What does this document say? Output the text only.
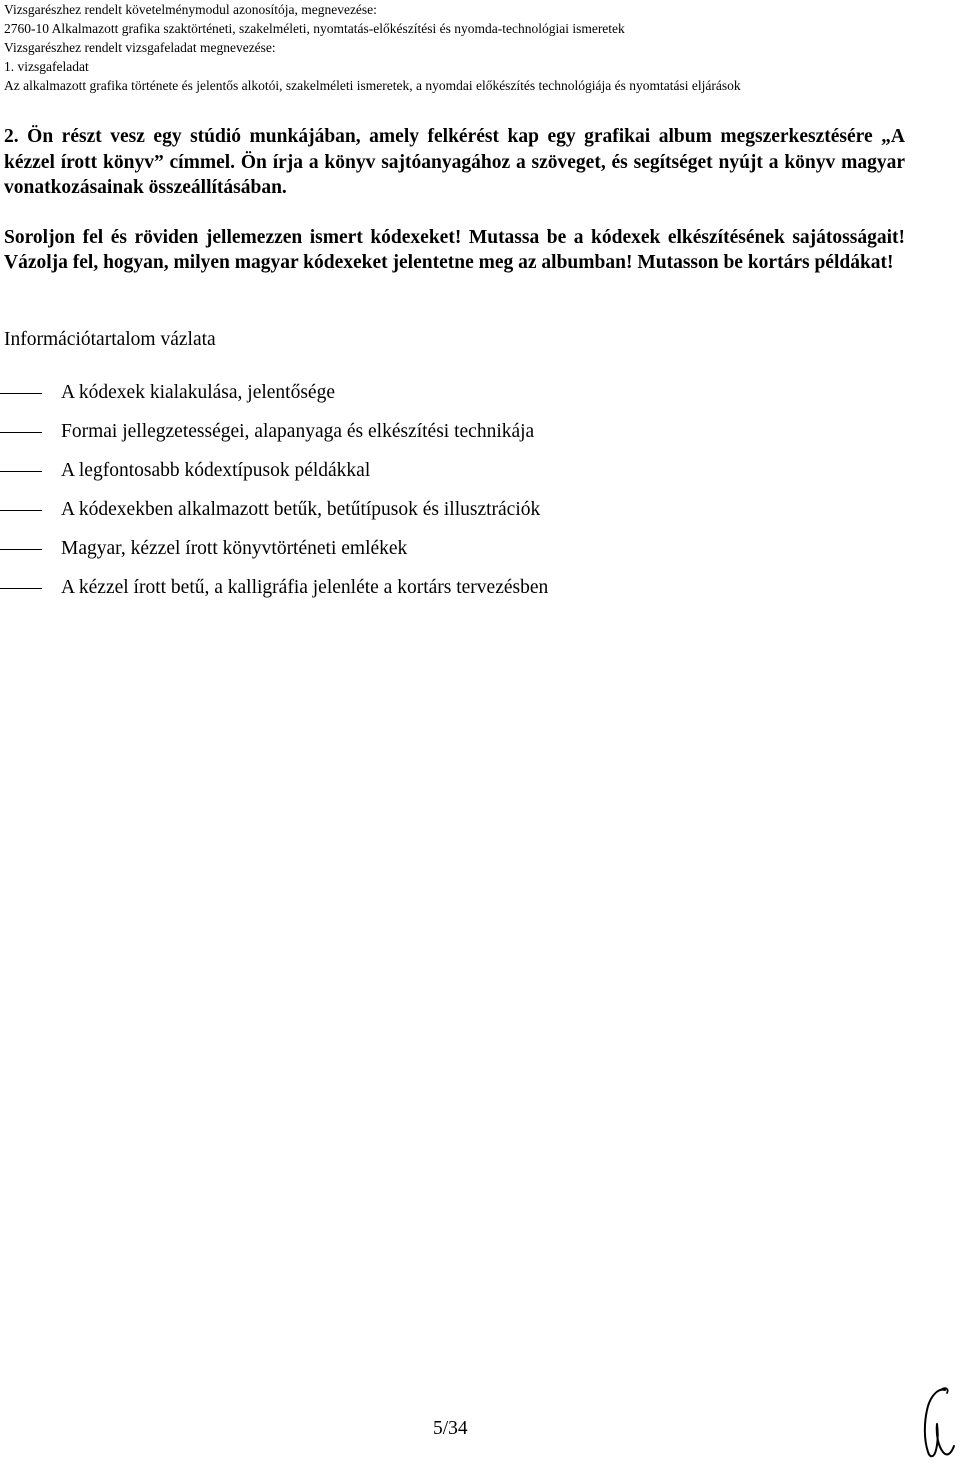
Vizsgarészhez rendelt követelménymodul azonosítója, megnevezése:
2760-10 Alkalmazott grafika szaktörténeti, szakelméleti, nyomtatás-előkészítési és nyomda-technológiai ismeretek
Vizsgarészhez rendelt vizsgafeladat megnevezése:
1. vizsgafeladat
Az alkalmazott grafika története és jelentős alkotói, szakelméleti ismeretek, a nyomdai előkészítés technológiája és nyomtatási eljárások

2. Ön részt vesz egy stúdió munkájában, amely felkérést kap egy grafikai album megszerkesztésére „A kézzel írott könyv” címmel. Ön írja a könyv sajtóanyagához a szöveget, és segítséget nyújt a könyv magyar vonatkozásainak összeállításában.

Soroljon fel és röviden jellemezzen ismert kódexeket! Mutassa be a kódexek elkészítésének sajátosságait! Vázolja fel, hogyan, milyen magyar kódexeket jelentetne meg az albumban! Mutasson be kortárs példákat!

Információtartalom vázlata
A kódexek kialakulása, jelentősége
Formai jellegzetességei, alapanyaga és elkészítési technikája
A legfontosabb kódextípusok példákkal
A kódexekben alkalmazott betűk, betűtípusok és illusztrációk
Magyar, kézzel írott könyvtörténeti emlékek
A kézzel írott betű, a kalligráfia jelenléte a kortárs tervezésben
5/34
